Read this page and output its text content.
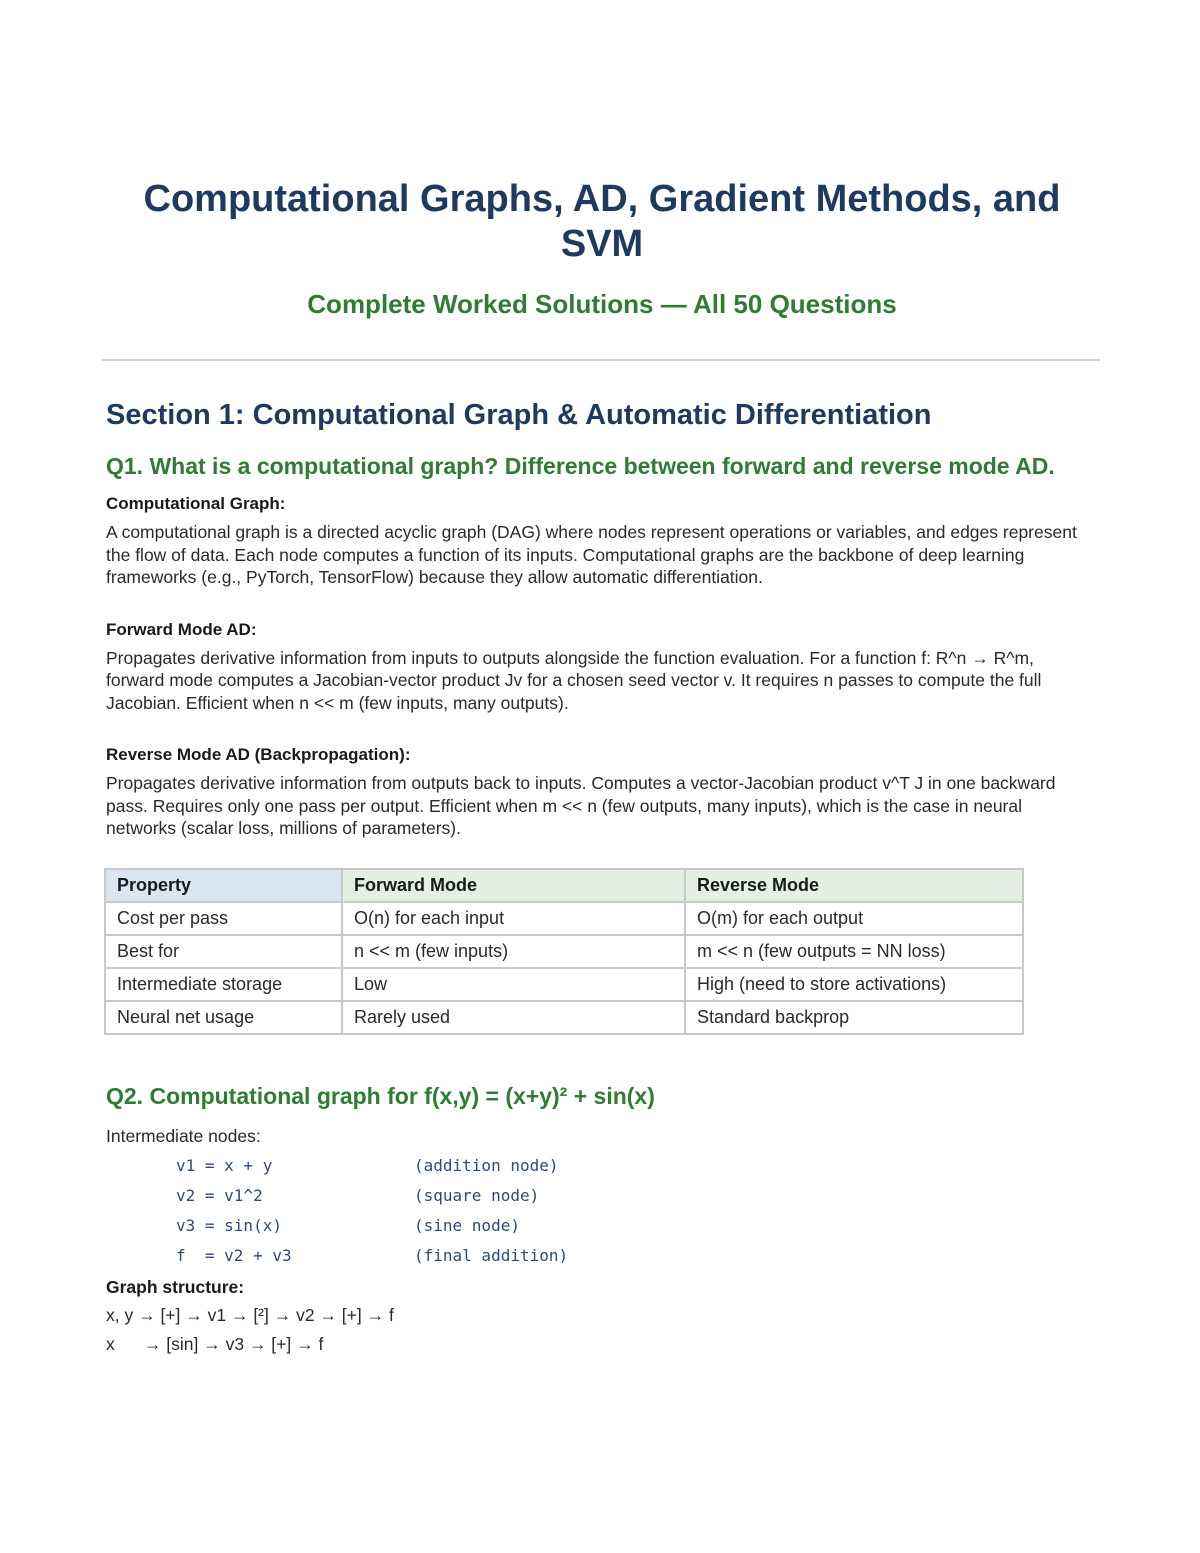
Computational Graphs, AD, Gradient Methods, and SVM
Complete Worked Solutions — All 50 Questions
Section 1: Computational Graph & Automatic Differentiation
Q1. What is a computational graph? Difference between forward and reverse mode AD.
Computational Graph:
A computational graph is a directed acyclic graph (DAG) where nodes represent operations or variables, and edges represent the flow of data. Each node computes a function of its inputs. Computational graphs are the backbone of deep learning frameworks (e.g., PyTorch, TensorFlow) because they allow automatic differentiation.
Forward Mode AD:
Propagates derivative information from inputs to outputs alongside the function evaluation. For a function f: R^n → R^m, forward mode computes a Jacobian-vector product Jv for a chosen seed vector v. It requires n passes to compute the full Jacobian. Efficient when n << m (few inputs, many outputs).
Reverse Mode AD (Backpropagation):
Propagates derivative information from outputs back to inputs. Computes a vector-Jacobian product v^T J in one backward pass. Requires only one pass per output. Efficient when m << n (few outputs, many inputs), which is the case in neural networks (scalar loss, millions of parameters).
Property	Forward Mode	Reverse Mode
Cost per pass	O(n) for each input	O(m) for each output
Best for	n << m (few inputs)	m << n (few outputs = NN loss)
Intermediate storage	Low	High (need to store activations)
Neural net usage	Rarely used	Standard backprop
Q2. Computational graph for f(x,y) = (x+y)² + sin(x)
Intermediate nodes:
v1 = x + y	(addition node)
v2 = v1^2	(square node)
v3 = sin(x)	(sine node)
f  = v2 + v3	(final addition)
Graph structure:
x, y → [+] → v1 → [²] → v2 → [+] → f
x      → [sin] → v3 → [+] → f
